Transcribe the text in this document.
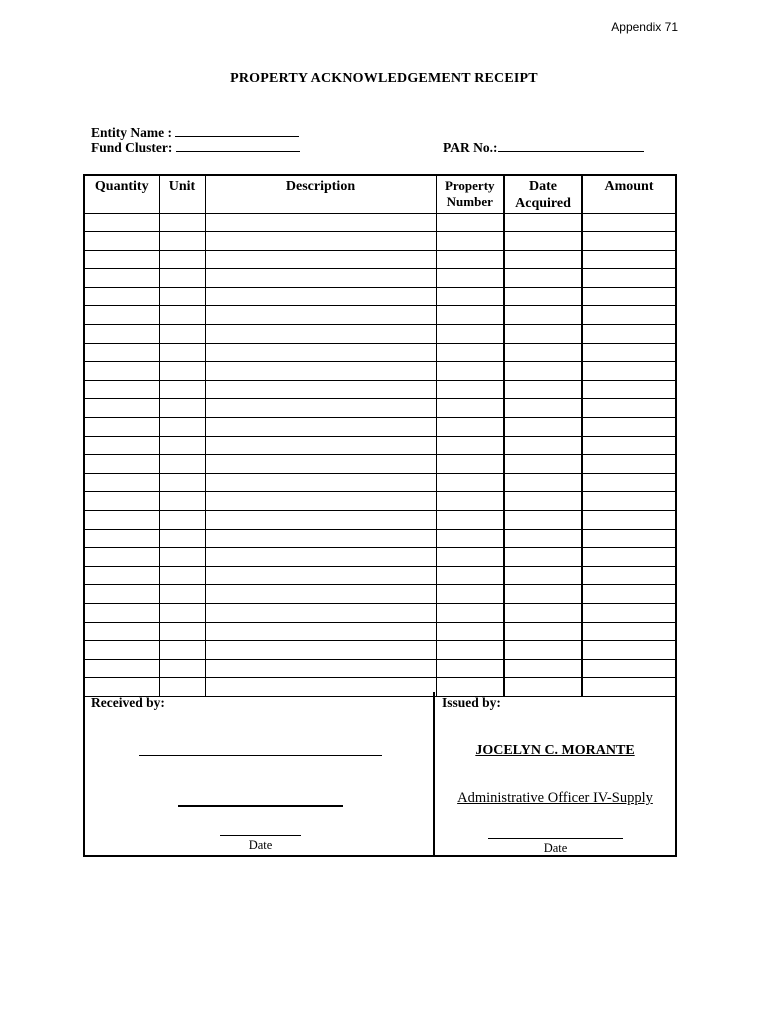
Appendix 71
PROPERTY ACKNOWLEDGEMENT RECEIPT
Entity Name :
Fund Cluster:	PAR No.:
Quantity	Unit	Description	Property Number	Date Acquired	Amount

Received by:
Date
Issued by:
JOCELYN C. MORANTE
Administrative Officer IV-Supply
Date
